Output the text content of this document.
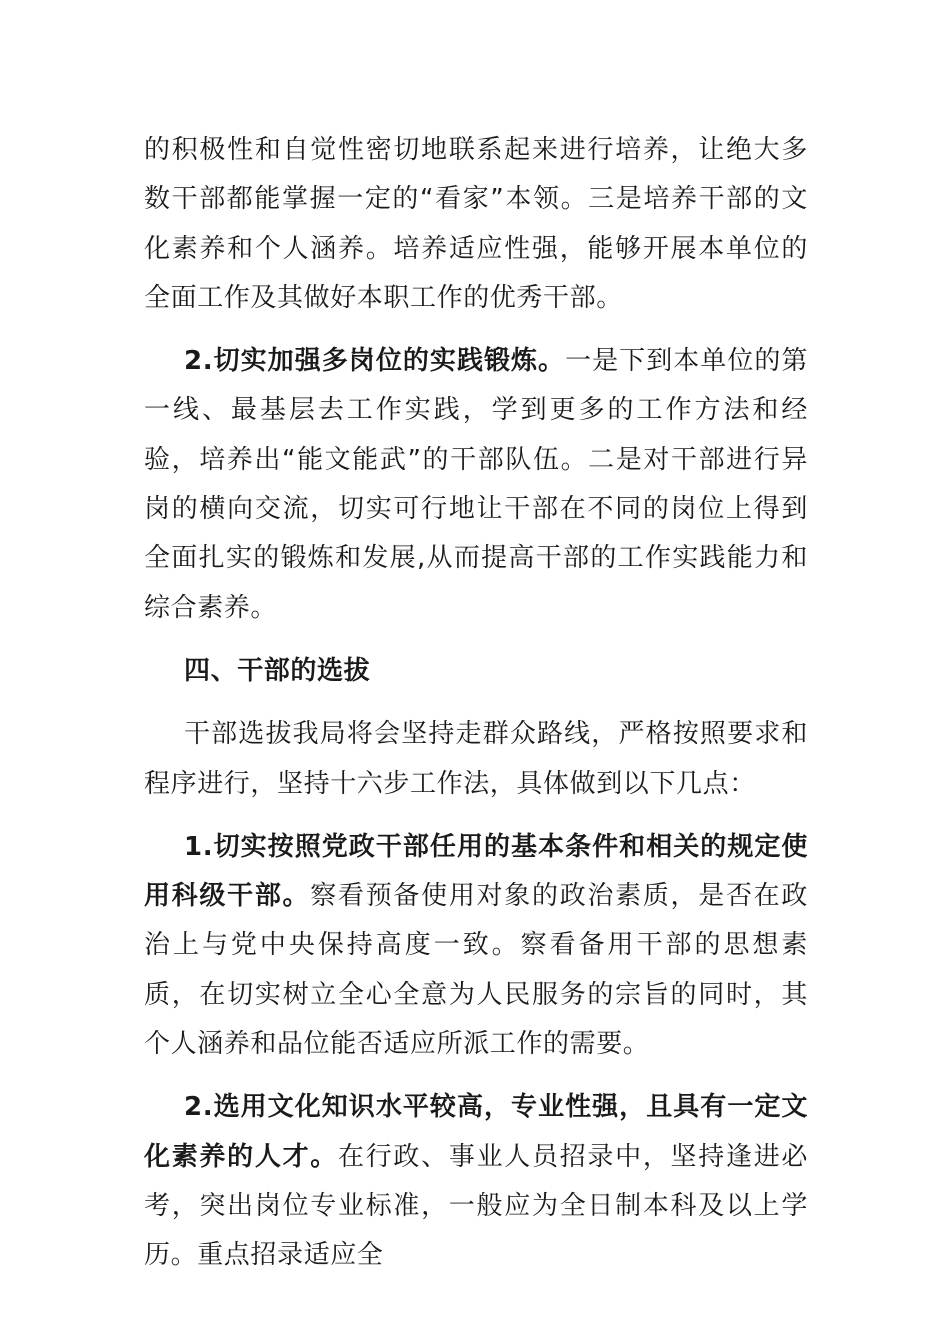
的积极性和自觉性密切地联系起来进行培养，让绝大多数干部都能掌握一定的“看家”本领。三是培养干部的文化素养和个人涵养。培养适应性强，能够开展本单位的全面工作及其做好本职工作的优秀干部。

2.切实加强多岗位的实践锻炼。一是下到本单位的第一线、最基层去工作实践，学到更多的工作方法和经验，培养出“能文能武”的干部队伍。二是对干部进行异岗的横向交流，切实可行地让干部在不同的岗位上得到全面扎实的锻炼和发展,从而提高干部的工作实践能力和综合素养。

四、干部的选拔

干部选拔我局将会坚持走群众路线，严格按照要求和程序进行，坚持十六步工作法，具体做到以下几点：

1.切实按照党政干部任用的基本条件和相关的规定使用科级干部。察看预备使用对象的政治素质，是否在政治上与党中央保持高度一致。察看备用干部的思想素质，在切实树立全心全意为人民服务的宗旨的同时，其个人涵养和品位能否适应所派工作的需要。

2.选用文化知识水平较高，专业性强，且具有一定文化素养的人才。在行政、事业人员招录中，坚持逢进必考，突出岗位专业标准，一般应为全日制本科及以上学历。重点招录适应全
